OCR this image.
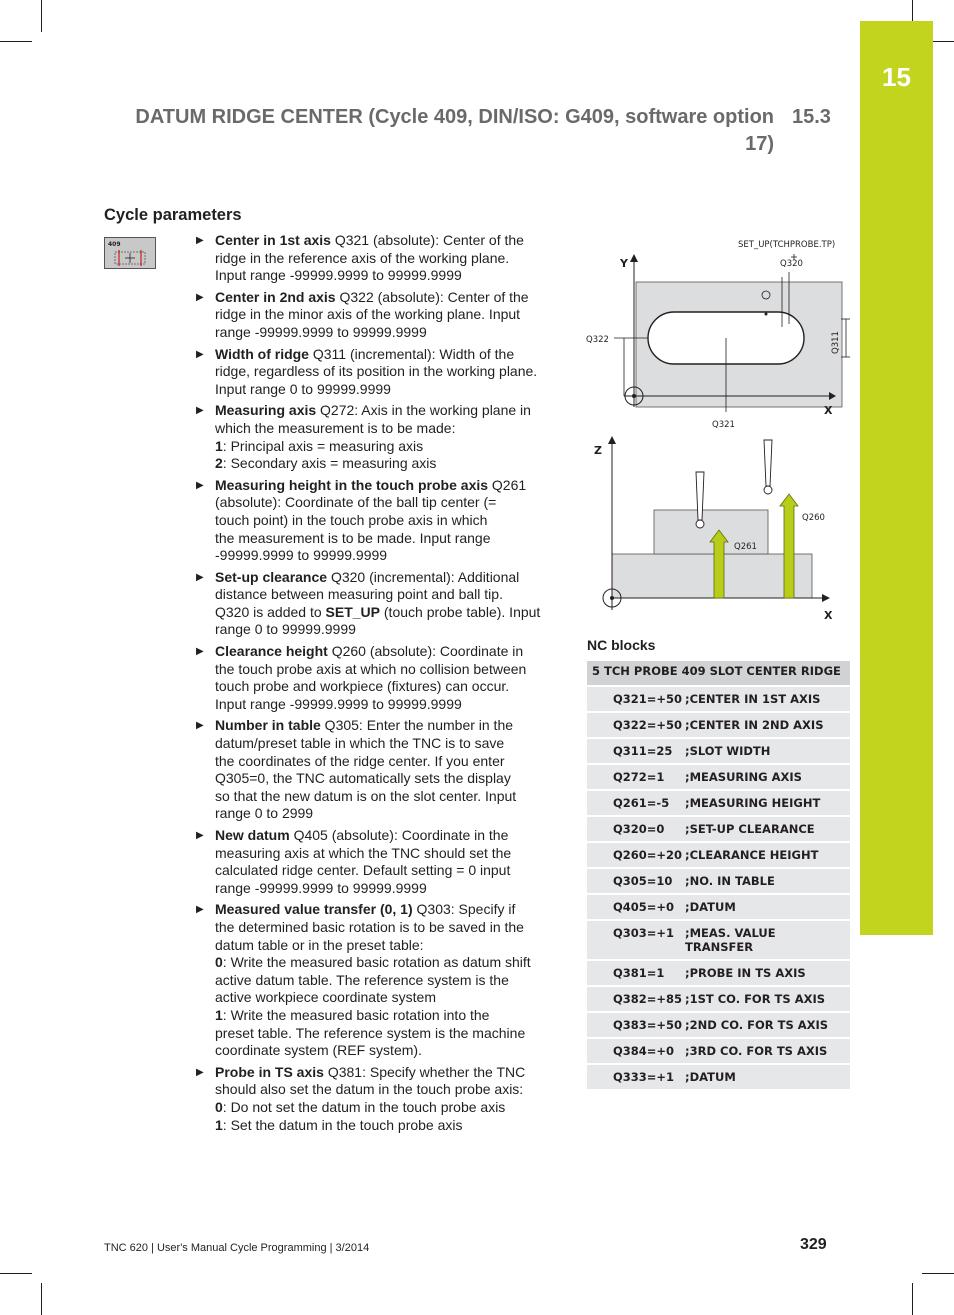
15
DATUM RIDGE CENTER (Cycle 409, DIN/ISO: G409, software option
17)
15.3
Cycle parameters
409	▶ Center in 1st axis Q321 (absolute): Center of the
ridge in the reference axis of the working plane.
Input range -99999.9999 to 99999.9999
▶ Center in 2nd axis Q322 (absolute): Center of the
ridge in the minor axis of the working plane. Input
range -99999.9999 to 99999.9999
▶ Width of ridge Q311 (incremental): Width of the
ridge, regardless of its position in the working plane.
Input range 0 to 99999.9999
▶ Measuring axis Q272: Axis in the working plane in
which the measurement is to be made:
1: Principal axis = measuring axis
2: Secondary axis = measuring axis
▶ Measuring height in the touch probe axis Q261
(absolute): Coordinate of the ball tip center (=
touch point) in the touch probe axis in which
the measurement is to be made. Input range
-99999.9999 to 99999.9999
▶ Set-up clearance Q320 (incremental): Additional
distance between measuring point and ball tip.
Q320 is added to SET_UP (touch probe table). Input
range 0 to 99999.9999
▶ Clearance height Q260 (absolute): Coordinate in
the touch probe axis at which no collision between
touch probe and workpiece (fixtures) can occur.
Input range -99999.9999 to 99999.9999
▶ Number in table Q305: Enter the number in the
datum/preset table in which the TNC is to save
the coordinates of the ridge center. If you enter
Q305=0, the TNC automatically sets the display
so that the new datum is on the slot center. Input
range 0 to 2999
▶ New datum Q405 (absolute): Coordinate in the
measuring axis at which the TNC should set the
calculated ridge center. Default setting = 0 input
range -99999.9999 to 99999.9999
▶ Measured value transfer (0, 1) Q303: Specify if
the determined basic rotation is to be saved in the
datum table or in the preset table:
0: Write the measured basic rotation as datum shift
active datum table. The reference system is the
active workpiece coordinate system
1: Write the measured basic rotation into the
preset table. The reference system is the machine
coordinate system (REF system).
▶ Probe in TS axis Q381: Specify whether the TNC
should also set the datum in the touch probe axis:
0: Do not set the datum in the touch probe axis
1: Set the datum in the touch probe axis
Y
X
SET_UP(TCHPROBE.TP)
Q320
Q311
Q322
Q321
Z
X
Q260
Q261
NC blocks
5 TCH PROBE 409 SLOT CENTER RIDGE	
Q321=+50	;CENTER IN 1ST AXIS
Q322=+50	;CENTER IN 2ND AXIS
Q311=25	;SLOT WIDTH
Q272=1	;MEASURING AXIS
Q261=-5	;MEASURING HEIGHT
Q320=0	;SET-UP CLEARANCE
Q260=+20	;CLEARANCE HEIGHT
Q305=10	;NO. IN TABLE
Q405=+0	;DATUM
Q303=+1	;MEAS. VALUE TRANSFER
Q381=1	;PROBE IN TS AXIS
Q382=+85	;1ST CO. FOR TS AXIS
Q383=+50	;2ND CO. FOR TS AXIS
Q384=+0	;3RD CO. FOR TS AXIS
Q333=+1	;DATUM
TNC 620 | User's Manual Cycle Programming | 3/2014	329
